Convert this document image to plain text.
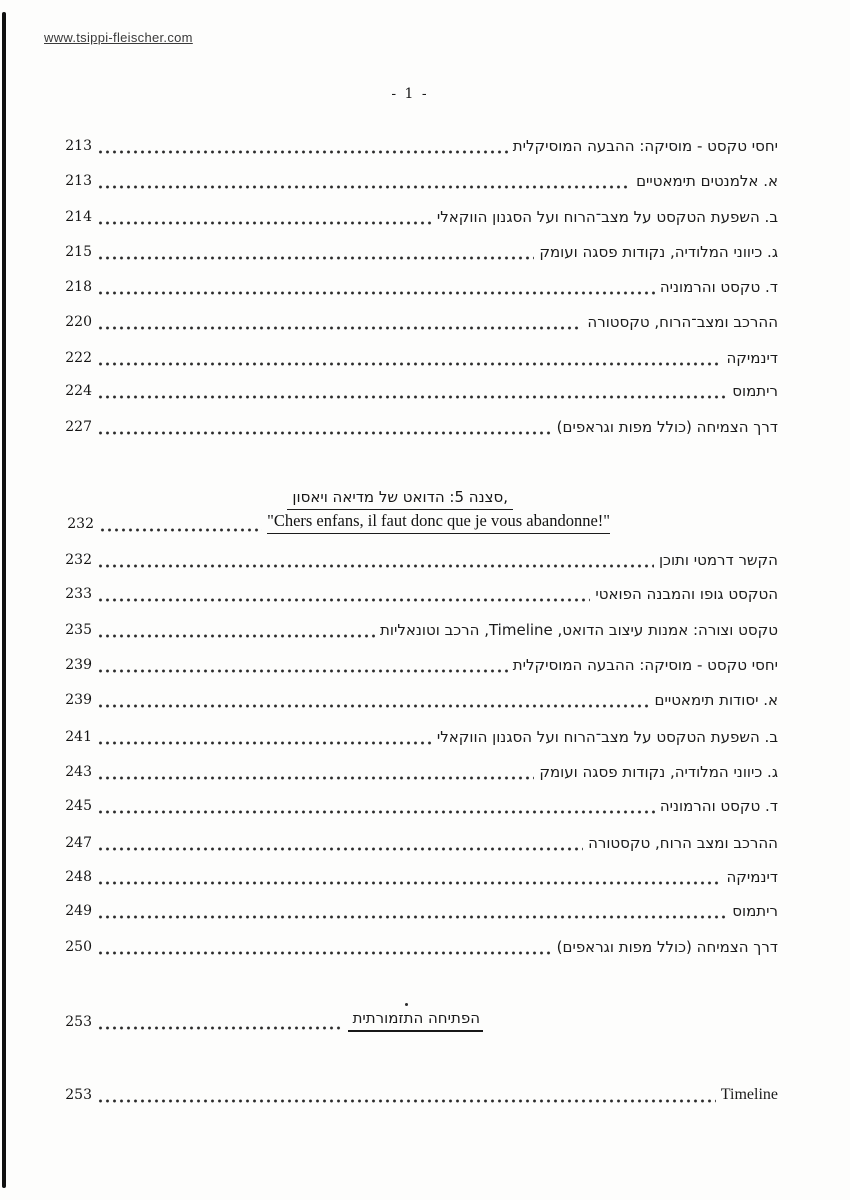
www.tsippi-fleischer.com
- 1 -
יחסי טקסט - מוסיקה: ההבעה המוסיקלית
213
א. אלמנטים תימאטיים
213
ב. השפעת הטקסט על מצב־הרוח ועל הסגנון הווקאלי
214
ג. כיווני המלודיה, נקודות פסגה ועומק
215
ד. טקסט והרמוניה
218
ההרכב ומצב־הרוח, טקסטורה
220
דינמיקה
222
ריתמוס
224
דרך הצמיחה (כולל מפות וגראפים)
227
סצנה 5: הדואט של מדיאה ויאסון,
"Chers enfans, il faut donc que je vous abandonne!"
232
הקשר דרמטי ותוכן
232
הטקסט גופו והמבנה הפואטי
233
טקסט וצורה: אמנות עיצוב הדואט, Timeline, הרכב וטונאליות
235
יחסי טקסט - מוסיקה: ההבעה המוסיקלית
239
א. יסודות תימאטיים
239
ב. השפעת הטקסט על מצב־הרוח ועל הסגנון הווקאלי
241
ג. כיווני המלודיה, נקודות פסגה ועומק
243
ד. טקסט והרמוניה
245
ההרכב ומצב הרוח, טקסטורה
247
דינמיקה
248
ריתמוס
249
דרך הצמיחה (כולל מפות וגראפים)
250
הפתיחה התזמורתית
253
Timeline
253
